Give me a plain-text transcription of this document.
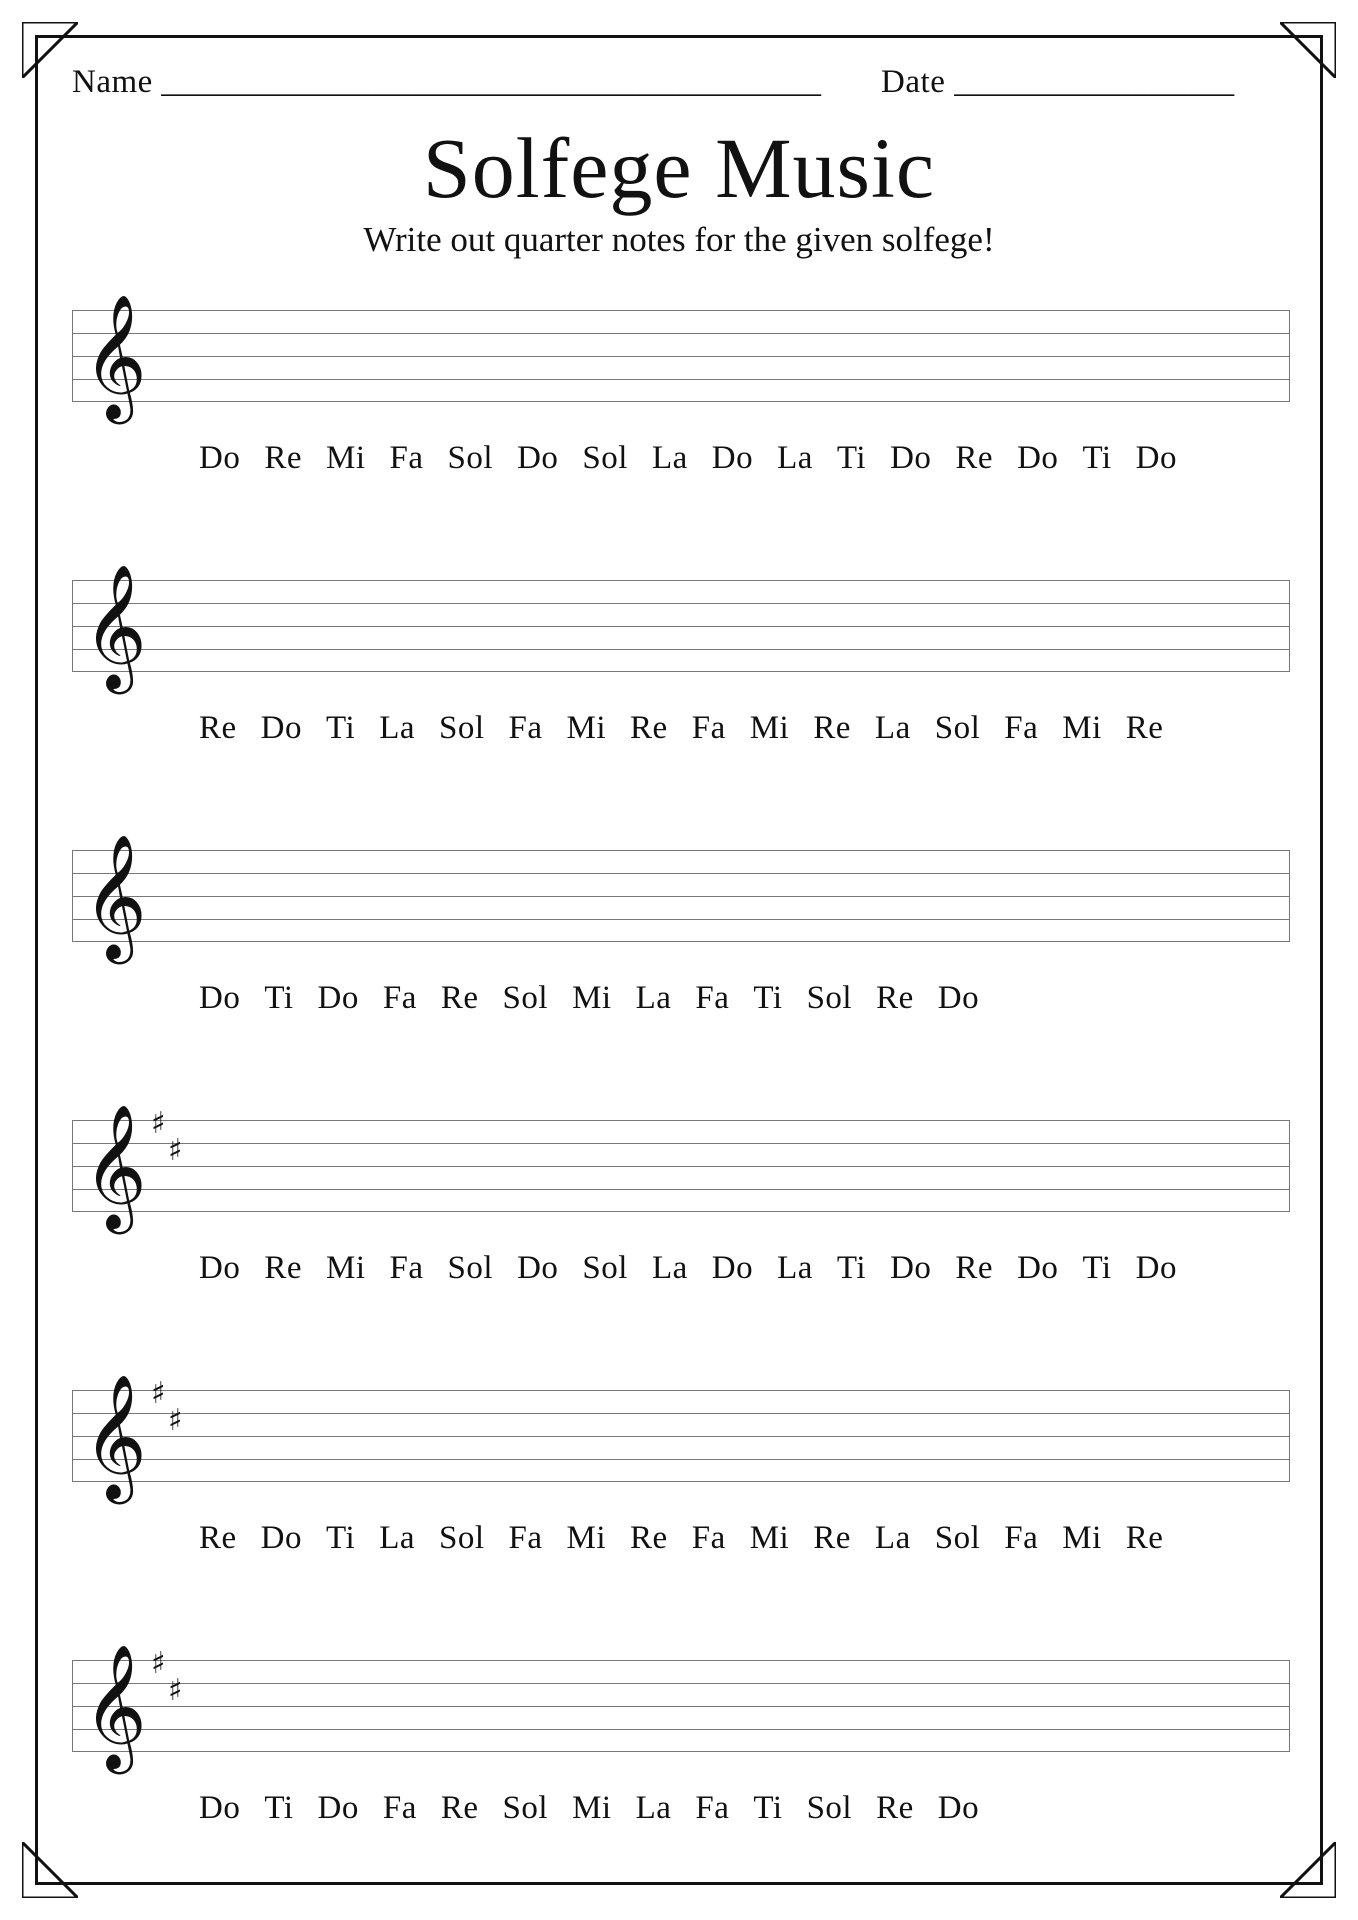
Name
________________________________________	Date
_________________
Solfege Music
Write out quarter notes for the given solfege!
𝄞
Do Re Mi Fa Sol Do Sol La Do La Ti Do Re Do Ti Do
𝄞
Re Do Ti La Sol Fa Mi Re Fa Mi Re La Sol Fa Mi Re
𝄞
Do Ti Do Fa Re Sol Mi La Fa Ti Sol Re Do
𝄞 ♯
♯
Do Re Mi Fa Sol Do Sol La Do La Ti Do Re Do Ti Do
𝄞 ♯
♯
Re Do Ti La Sol Fa Mi Re Fa Mi Re La Sol Fa Mi Re
𝄞 ♯
♯
Do Ti Do Fa Re Sol Mi La Fa Ti Sol Re Do
